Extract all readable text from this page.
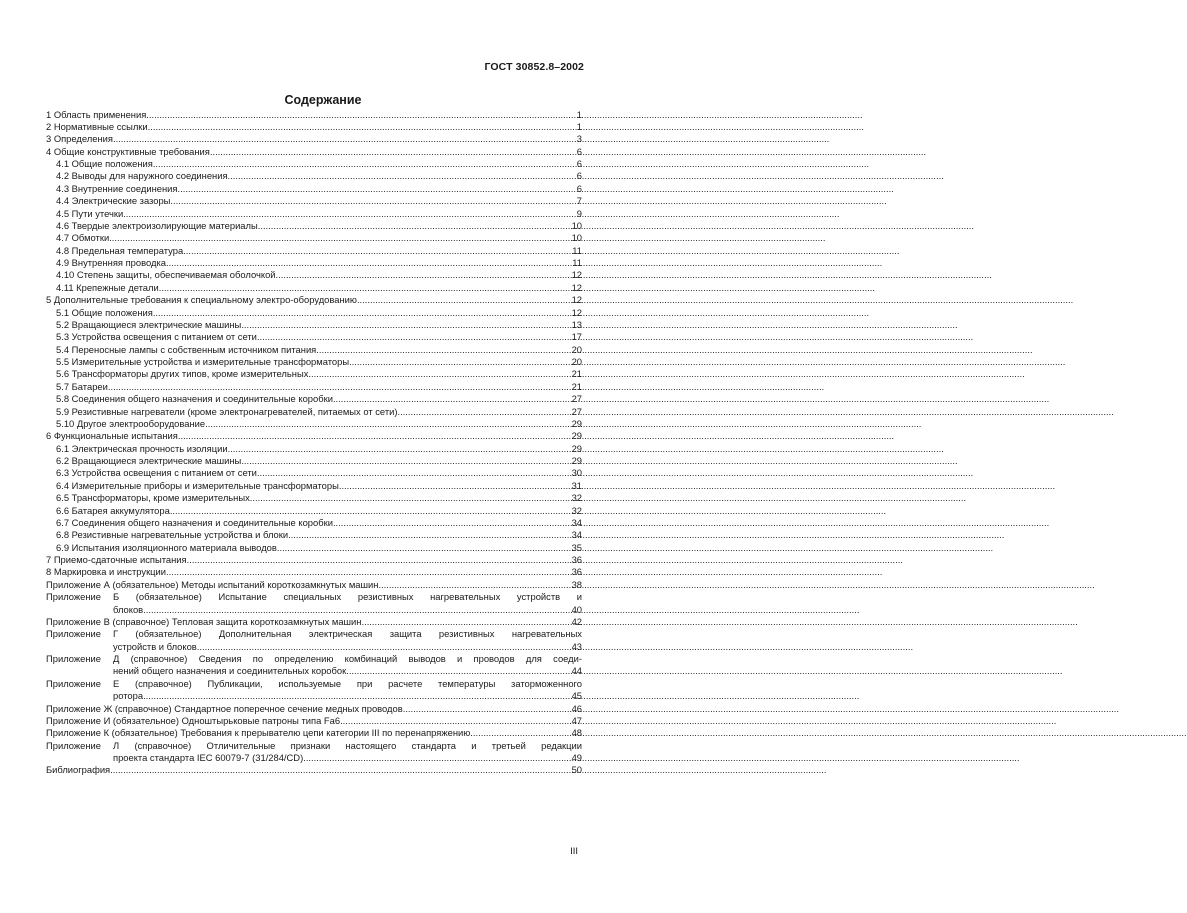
ГОСТ 30852.8–2002
Содержание
1 Область применения .....	1
2 Нормативные ссылки .....	1
3 Определения .....	3
4 Общие конструктивные требования .....	6
4.1 Общие положения .....	6
4.2 Выводы для наружного соединения .....	6
4.3 Внутренние соединения .....	6
4.4 Электрические зазоры .....	7
4.5 Пути утечки .....	9
4.6 Твердые электроизолирующие материалы .....	10
4.7 Обмотки .....	10
4.8 Предельная температура .....	11
4.9 Внутренняя проводка .....	11
4.10 Степень защиты, обеспечиваемая оболочкой .....	12
4.11 Крепежные детали .....	12
5 Дополнительные требования к специальному электро-оборудованию .....	12
5.1 Общие положения .....	12
5.2 Вращающиеся электрические машины .....	13
5.3 Устройства освещения с питанием от сети .....	17
5.4 Переносные лампы с собственным источником питания .....	20
5.5 Измерительные устройства и измерительные трансформаторы .....	20
5.6 Трансформаторы других типов, кроме измерительных .....	21
5.7 Батареи .....	21
5.8 Соединения общего назначения и соединительные коробки .....	27
5.9 Резистивные нагреватели (кроме электронагревателей, питаемых от сети) .....	27
5.10 Другое электрооборудование .....	29
6 Функциональные испытания .....	29
6.1 Электрическая прочность изоляции .....	29
6.2 Вращающиеся электрические машины .....	29
6.3 Устройства освещения с питанием от сети .....	30
6.4 Измерительные приборы и измерительные трансформаторы .....	31
6.5 Трансформаторы, кроме измерительных .....	32
6.6 Батарея аккумулятора .....	32
6.7 Соединения общего назначения и соединительные коробки .....	34
6.8 Резистивные нагревательные устройства и блоки .....	34
6.9 Испытания изоляционного материала выводов .....	35
7 Приемо-сдаточные испытания .....	36
8 Маркировка и инструкции .....	36
Приложение А (обязательное) Методы испытаний короткозамкнутых машин .....	38
Приложение	Б (обязательное) Испытание специальных резистивных нагревательных устройств и
блоков .....	40
Приложение В (справочное) Тепловая защита короткозамкнутых машин .....	42
Приложение	Г (обязательное) Дополнительная электрическая защита резистивных нагревательных
устройств и блоков .....	43
Приложение	Д (справочное) Сведения по определению комбинаций выводов и проводов для соеди-
нений общего назначения и соединительных коробок .....	44
Приложение	Е (справочное) Публикации, используемые при расчете температуры заторможенного
ротора .....	45
Приложение Ж (справочное) Стандартное поперечное сечение медных проводов .....	46
Приложение И (обязательное) Одноштырьковые патроны типа Fa6 .....	47
Приложение К (обязательное) Требования к прерывателю цепи категории III по перенапряжению .....	48
Приложение	Л (справочное) Отличительные признаки настоящего стандарта и третьей редакции
проекта стандарта IEC 60079-7 (31/284/CD) .....	49
Библиография .....	50
III
